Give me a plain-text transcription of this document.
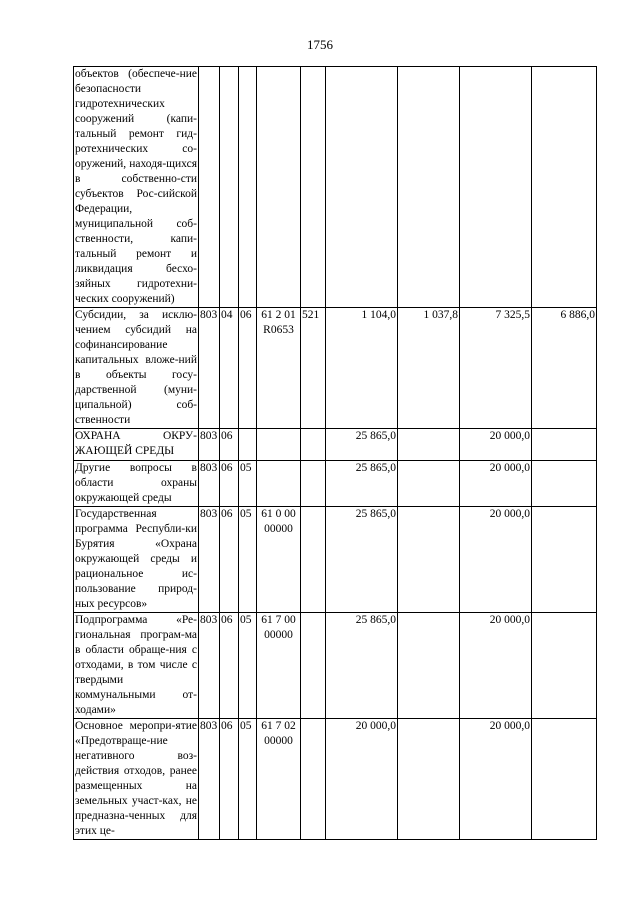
1756
объектов (обеспече-ние безопасности гидротехнических сооружений (капи-тальный ремонт гид-ротехнических со-оружений, находя-щихся в собственно-сти субъектов Рос-сийской Федерации, муниципальной соб-ственности, капи-тальный ремонт и ликвидация бесхо-зяйных гидротехни-ческих сооружений)									
Субсидии, за исклю-чением субсидий на софинансирование капитальных вложе-ний в объекты госу-дарственной (муни-ципальной) соб-ственности	803	04	06	61 2 01 R0653	521	1 104,0	1 037,8	7 325,5	6 886,0
ОХРАНА ОКРУ-ЖАЮЩЕЙ СРЕДЫ	803	06				25 865,0		20 000,0	
Другие вопросы в области охраны окружающей среды	803	06	05			25 865,0		20 000,0	
Государственная программа Республи-ки Бурятия «Охрана окружающей среды и рациональное ис-пользование природ-ных ресурсов»	803	06	05	61 0 00 00000		25 865,0		20 000,0	
Подпрограмма «Ре-гиональная програм-ма в области обраще-ния с отходами, в том числе с твердыми коммунальными от-ходами»	803	06	05	61 7 00 00000		25 865,0		20 000,0	
Основное меропри-ятие «Предотвраще-ние негативного воз-действия отходов, ранее размещенных на земельных участ-ках, не предназна-ченных для этих це-	803	06	05	61 7 02 00000		20 000,0		20 000,0	
